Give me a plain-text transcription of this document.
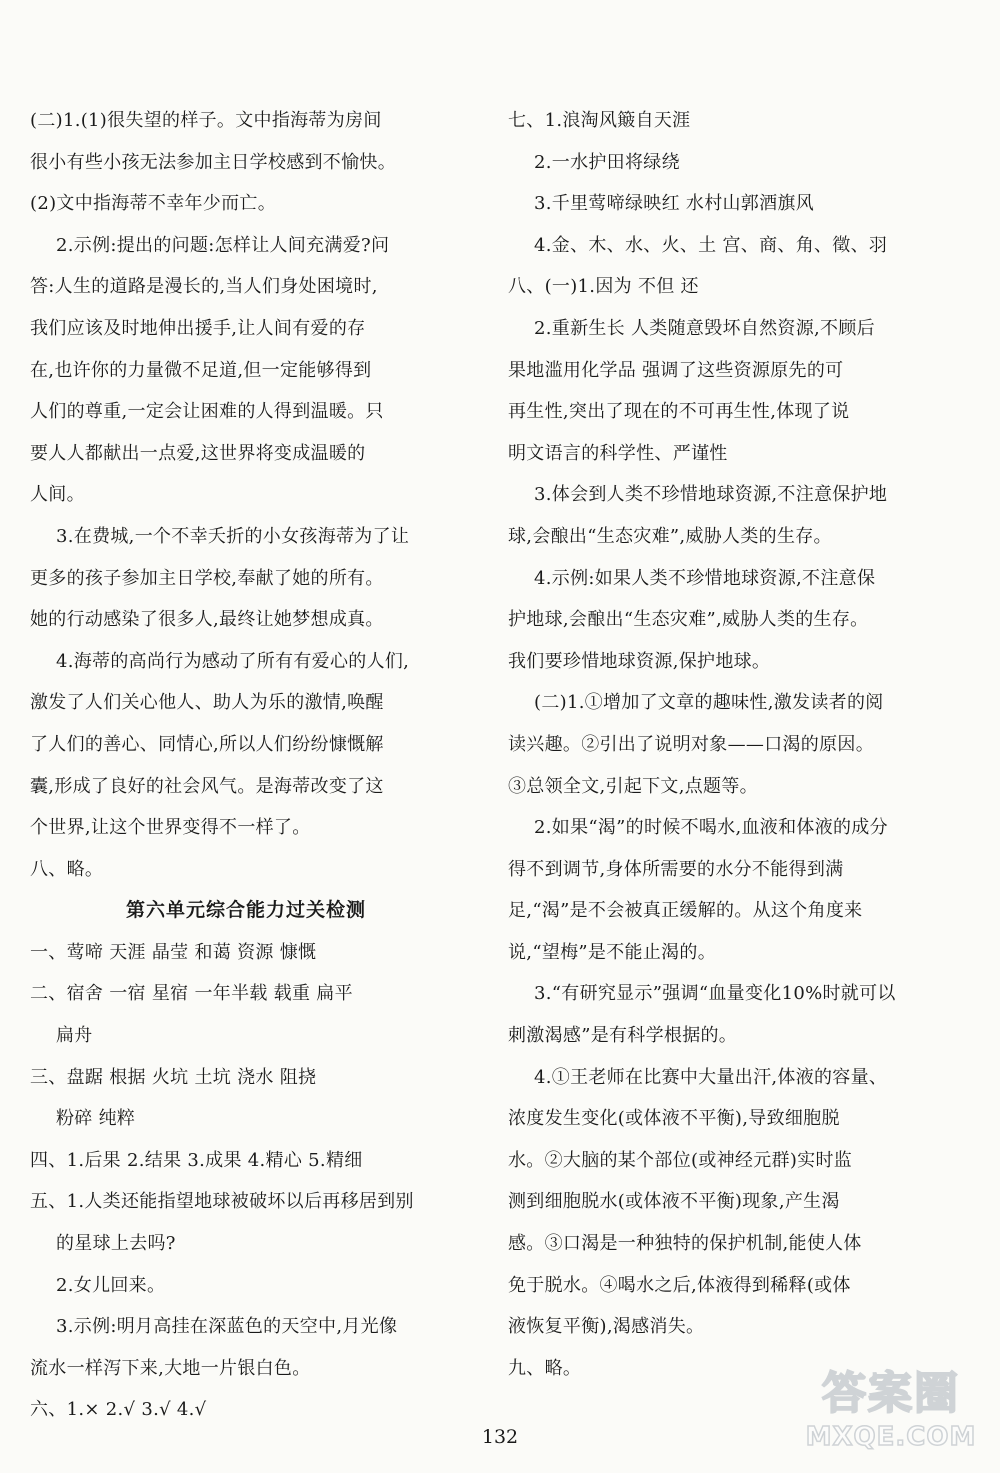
(二)1.(1)很失望的样子。文中指海蒂为房间
很小有些小孩无法参加主日学校感到不愉快。
(2)文中指海蒂不幸年少而亡。
2.示例:提出的问题:怎样让人间充满爱?问
答:人生的道路是漫长的,当人们身处困境时,
我们应该及时地伸出援手,让人间有爱的存
在,也许你的力量微不足道,但一定能够得到
人们的尊重,一定会让困难的人得到温暖。只
要人人都献出一点爱,这世界将变成温暖的
人间。
3.在费城,一个不幸夭折的小女孩海蒂为了让
更多的孩子参加主日学校,奉献了她的所有。
她的行动感染了很多人,最终让她梦想成真。
4.海蒂的高尚行为感动了所有有爱心的人们,
激发了人们关心他人、助人为乐的激情,唤醒
了人们的善心、同情心,所以人们纷纷慷慨解
囊,形成了良好的社会风气。是海蒂改变了这
个世界,让这个世界变得不一样了。
八、略。
第六单元综合能力过关检测
一、莺啼 天涯 晶莹 和蔼 资源 慷慨
二、宿舍 一宿 星宿 一年半载 载重 扁平
扁舟
三、盘踞 根据 火坑 土坑 浇水 阻挠
粉碎 纯粹
四、1.后果 2.结果 3.成果 4.精心 5.精细
五、1.人类还能指望地球被破坏以后再移居到别
的星球上去吗?
2.女儿回来。
3.示例:明月高挂在深蓝色的天空中,月光像
流水一样泻下来,大地一片银白色。
六、1.× 2.√ 3.√ 4.√
七、1.浪淘风簸自天涯
2.一水护田将绿绕
3.千里莺啼绿映红 水村山郭酒旗风
4.金、木、水、火、土 宫、商、角、徵、羽
八、(一)1.因为 不但 还
2.重新生长 人类随意毁坏自然资源,不顾后
果地滥用化学品 强调了这些资源原先的可
再生性,突出了现在的不可再生性,体现了说
明文语言的科学性、严谨性
3.体会到人类不珍惜地球资源,不注意保护地
球,会酿出“生态灾难”,威胁人类的生存。
4.示例:如果人类不珍惜地球资源,不注意保
护地球,会酿出“生态灾难”,威胁人类的生存。
我们要珍惜地球资源,保护地球。
(二)1.①增加了文章的趣味性,激发读者的阅
读兴趣。②引出了说明对象——口渴的原因。
③总领全文,引起下文,点题等。
2.如果“渴”的时候不喝水,血液和体液的成分
得不到调节,身体所需要的水分不能得到满
足,“渴”是不会被真正缓解的。从这个角度来
说,“望梅”是不能止渴的。
3.“有研究显示”强调“血量变化10%时就可以
刺激渴感”是有科学根据的。
4.①王老师在比赛中大量出汗,体液的容量、
浓度发生变化(或体液不平衡),导致细胞脱
水。②大脑的某个部位(或神经元群)实时监
测到细胞脱水(或体液不平衡)现象,产生渴
感。③口渴是一种独特的保护机制,能使人体
免于脱水。④喝水之后,体液得到稀释(或体
液恢复平衡),渴感消失。
九、略。
132
答案圈
MXQE.COM
